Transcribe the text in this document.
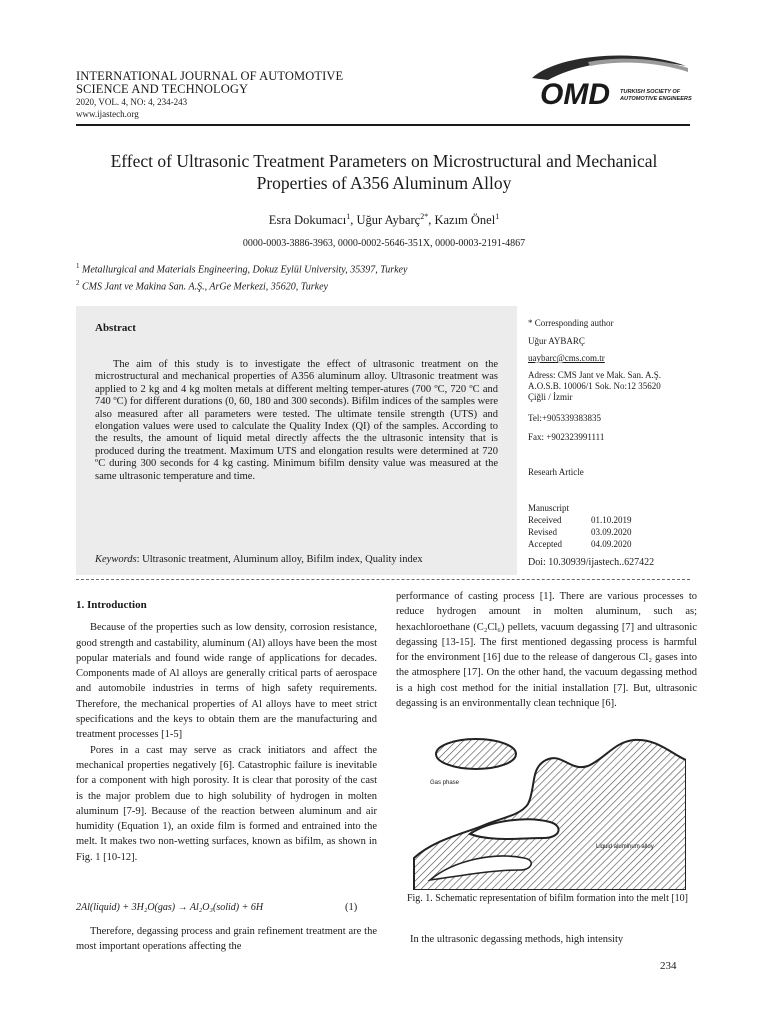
INTERNATIONAL JOURNAL OF AUTOMOTIVE
SCIENCE AND TECHNOLOGY
2020, VOL. 4, NO: 4, 234-243
www.ijastech.org
OMD TURKISH SOCIETY OF
AUTOMOTIVE ENGINEERS
Effect of Ultrasonic Treatment Parameters on Microstructural and Mechanical
Properties of A356 Aluminum Alloy
Esra Dokumacı$^1$, Uğur Aybarç$^{2*}$, Kazım Önel$^1$
0000-0003-3886-3963, 0000-0002-5646-351X, 0000-0003-2191-4867
$^1$ Metallurgical and Materials Engineering, Dokuz Eylül University, 35397, Turkey
$^2$ CMS Jant ve Makina San. A.Ş., ArGe Merkezi, 35620, Turkey
Abstract
The aim of this study is to investigate the effect of ultrasonic treatment on the microstructural and mechanical properties of A356 aluminum alloy. Ultrasonic treatment was applied to 2 kg and 4 kg molten metals at different melting temper-atures (700 ºC, 720 ºC and 740 ºC) for different durations (0, 60, 180 and 300 seconds). Bifilm indices of the samples were also measured after all parameters were tested. The ultimate tensile strength (UTS) and elongation values were used to calculate the Quality Index (QI) of the samples. According to the results, the amount of liquid metal directly affects the the ultrasonic intensity that is produced during the treatment. Maximum UTS and elongation results were determined at 720 ºC during 300 seconds for 4 kg casting. Minimum bifilm density value was measured at the same ultrasonic temperature and time.
Keywords: Ultrasonic treatment, Aluminum alloy, Bifilm index, Quality index
* Corresponding author
Uğur AYBARÇ
uaybarc@cms.com.tr
Adress: CMS Jant ve Mak. San. A.Ş.
A.O.S.B. 10006/1 Sok. No:12 35620
Çiğli / İzmir
Tel:+905339383835
Fax: +902323991111
Researh Article
Manuscript	
Received	01.10.2019
Revised	03.09.2020
Accepted	04.09.2020
Doi: 10.30939/ijastech..627422
1. Introduction

Because of the properties such as low density, corrosion resistance, good strength and castability, aluminum (Al) alloys have been the most popular materials and found wide range of applications for decades. Components made of Al alloys are generally critical parts of aerospace and automobile industries in terms of high safety requirements. Therefore, the mechanical properties of Al alloys have to meet strict specifications and the keys to obtain them are the manufacturing and treatment processes [1-5]

Pores in a cast may serve as crack initiators and affect the mechanical properties negatively [6]. Catastrophic failure is inevitable for a component with high porosity. It is clear that porosity of the cast is the major problem due to high solubility of hydrogen in molten aluminum [7-9]. Because of the reaction between aluminum and air humidity (Equation 1), an oxide film is formed and entrained into the melt. It makes two non-wetting surfaces, known as bifilm, as shown in Fig. 1 [10-12].

2Al(liquid) + 3H₂O(gas) → Al₂O₃(solid) + 6H	(1)

Therefore, degassing process and grain refinement treatment are the most important operations affecting the

performance of casting process [1]. There are various processes to reduce hydrogen amount in molten aluminum, such as; hexachloroethane (C₂Cl₆) pellets, vacuum degassing [7] and ultrasonic degassing [13-15]. The first mentioned degassing process is harmful for the environment [16] due to the release of dangerous Cl₂ gases into the atmosphere [17]. On the other hand, the vacuum degassing method is a high cost method for the initial installation [7]. But, ultrasonic degassing is an environmentally clean technique [6].

Gas phase
Liquid aluminum alloy
Fig. 1. Schematic representation of bifilm formation into the melt [10]

In the ultrasonic degassing methods, high intensity

234
